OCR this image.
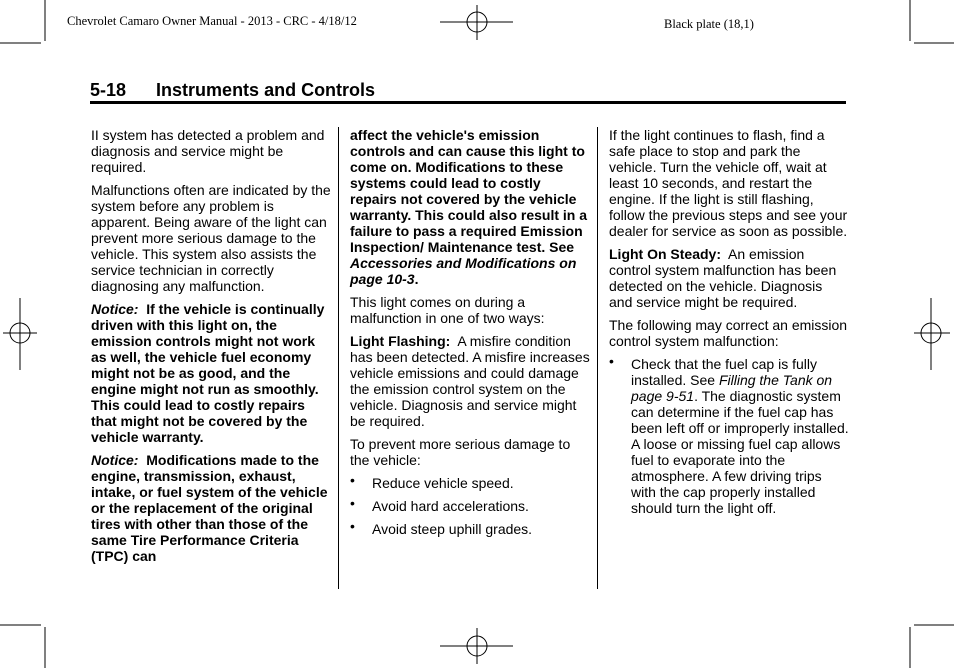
Chevrolet Camaro Owner Manual - 2013 - CRC - 4/18/12	Black plate (18,1)
5-18 Instruments and Controls

II system has detected a problem and diagnosis and service might be required.

Malfunctions often are indicated by the system before any problem is apparent. Being aware of the light can prevent more serious damage to the vehicle. This system also assists the service technician in correctly diagnosing any malfunction.

Notice: If the vehicle is continually driven with this light on, the emission controls might not work as well, the vehicle fuel economy might not be as good, and the engine might not run as smoothly. This could lead to costly repairs that might not be covered by the vehicle warranty.

Notice: Modifications made to the engine, transmission, exhaust, intake, or fuel system of the vehicle or the replacement of the original tires with other than those of the same Tire Performance Criteria (TPC) can

affect the vehicle's emission controls and can cause this light to come on. Modifications to these systems could lead to costly repairs not covered by the vehicle warranty. This could also result in a failure to pass a required Emission Inspection/ Maintenance test. See Accessories and Modifications on page 10-3.

This light comes on during a malfunction in one of two ways:

Light Flashing: A misfire condition has been detected. A misfire increases vehicle emissions and could damage the emission control system on the vehicle. Diagnosis and service might be required.

To prevent more serious damage to the vehicle:

• Reduce vehicle speed.
• Avoid hard accelerations.
• Avoid steep uphill grades.

If the light continues to flash, find a safe place to stop and park the vehicle. Turn the vehicle off, wait at least 10 seconds, and restart the engine. If the light is still flashing, follow the previous steps and see your dealer for service as soon as possible.

Light On Steady: An emission control system malfunction has been detected on the vehicle. Diagnosis and service might be required.

The following may correct an emission control system malfunction:

• Check that the fuel cap is fully installed. See Filling the Tank on page 9-51. The diagnostic system can determine if the fuel cap has been left off or improperly installed. A loose or missing fuel cap allows fuel to evaporate into the atmosphere. A few driving trips with the cap properly installed should turn the light off.
